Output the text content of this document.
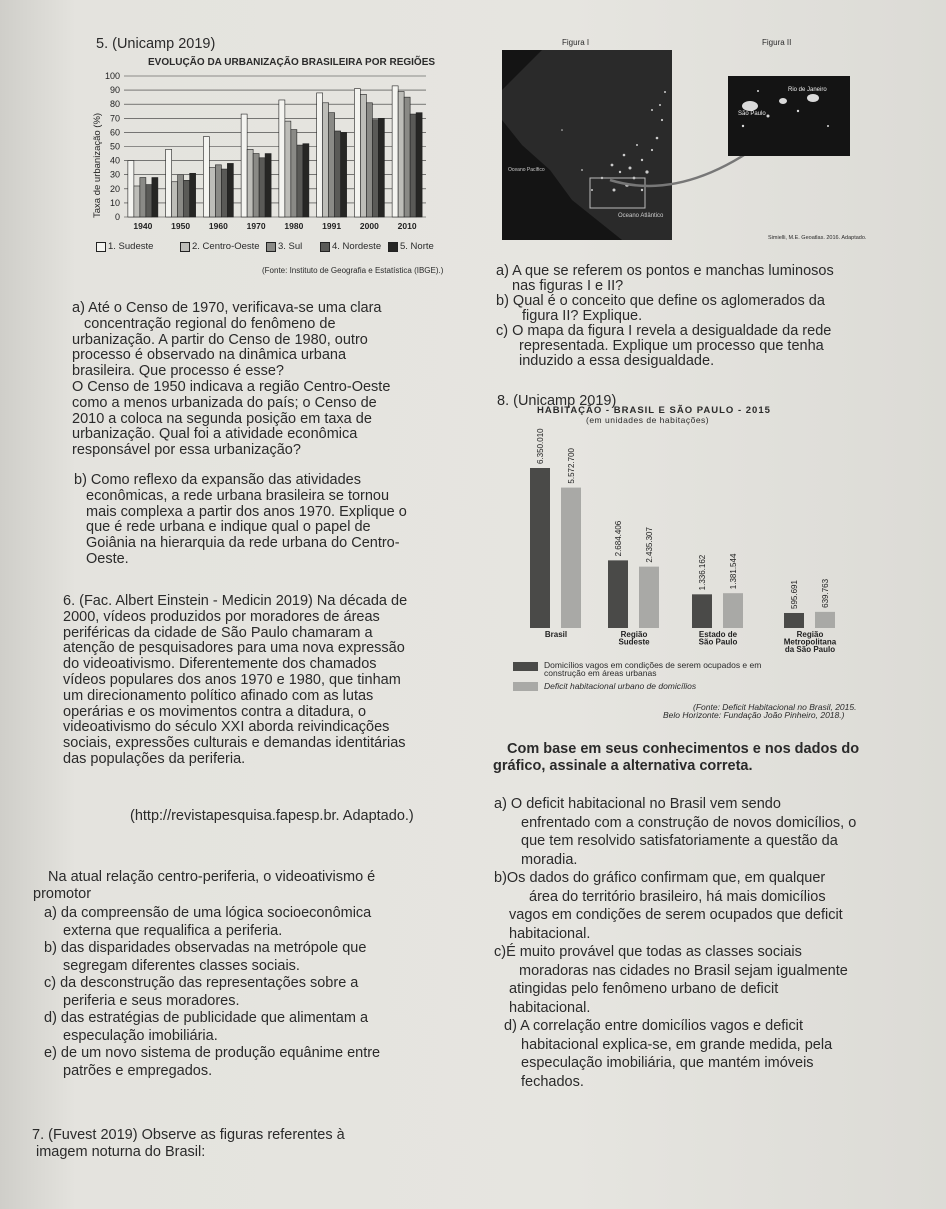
5. (Unicamp 2019)
EVOLUÇÃO DA URBANIZAÇÃO BRASILEIRA POR REGIÕES
1940 1950 1960 1970 1980 1991 2000 2010
100
90
80
70
60
50
40
30
20
10
0
Taxa de urbanização (%)
1. Sudeste	2. Centro-Oeste 3. Sul	4. Nordeste 5. Norte
(Fonte: Instituto de Geografia e Estatística (IBGE).)
a) Até o Censo de 1970, verificava-se uma clara
concentração regional do fenômeno de
urbanização. A partir do Censo de 1980, outro
processo é observado na dinâmica urbana
brasileira. Que processo é esse?
O Censo de 1950 indicava a região Centro-Oeste
como a menos urbanizada do país; o Censo de
2010 a coloca na segunda posição em taxa de
urbanização. Qual foi a atividade econômica
responsável por essa urbanização?
b) Como reflexo da expansão das atividades
econômicas, a rede urbana brasileira se tornou
mais complexa a partir dos anos 1970. Explique o
que é rede urbana e indique qual o papel de
Goiânia na hierarquia da rede urbana do Centro-
Oeste.
6. (Fac. Albert Einstein - Medicin 2019) Na década de
2000, vídeos produzidos por moradores de áreas
periféricas da cidade de São Paulo chamaram a
atenção de pesquisadores para uma nova expressão
do videoativismo. Diferentemente dos chamados
vídeos populares dos anos 1970 e 1980, que tinham
um direcionamento político afinado com as lutas
operárias e os movimentos contra a ditadura, o
videoativismo do século XXI aborda reivindicações
sociais, expressões culturais e demandas identitárias
das populações da periferia.
(http://revistapesquisa.fapesp.br. Adaptado.)
Na atual relação centro-periferia, o videoativismo é
promotor
a) da compreensão de uma lógica socioeconômica
externa que requalifica a periferia.
b) das disparidades observadas na metrópole que
segregam diferentes classes sociais.
c) da desconstrução das representações sobre a
periferia e seus moradores.
d) das estratégias de publicidade que alimentam a
especulação imobiliária.
e) de um novo sistema de produção equânime entre
patrões e empregados.
7. (Fuvest 2019) Observe as figuras referentes à
imagem noturna do Brasil:
Figura I	Figura II
Oceano Pacífico
Oceano Atlântico
Rio de Janeiro
São Paulo
Simielli, M.E. Geoatlas. 2016. Adaptado.
a) A que se referem os pontos e manchas luminosos
nas figuras I e II?
b) Qual é o conceito que define os aglomerados da
figura II? Explique.
c) O mapa da figura I revela a desigualdade da rede
representada. Explique um processo que tenha
induzido a essa desigualdade.
8. (Unicamp 2019)
HABITAÇÃO - BRASIL E SÃO PAULO - 2015
(em unidades de habitações)
6.350.010
5.572.700
2.684.406	2.435.307
1.336.162	1.381.544
595.691	639.763
Brasil	Região
Sudeste
Estado de
São Paulo
Região
Metropolitana
da São Paulo
Domicílios vagos em condições de serem ocupados e em
construção em áreas urbanas
Deficit habitacional urbano de domicílios
(Fonte: Deficit Habitacional no Brasil, 2015.
Belo Horizonte: Fundação João Pinheiro, 2018.)
Com base em seus conhecimentos e nos dados do
gráfico, assinale a alternativa correta.
a) O deficit habitacional no Brasil vem sendo
enfrentado com a construção de novos domicílios, o
que tem resolvido satisfatoriamente a questão da
moradia.
b)Os dados do gráfico confirmam que, em qualquer
área do território brasileiro, há mais domicílios
vagos em condições de serem ocupados que deficit
habitacional.
c)É muito provável que todas as classes sociais
moradoras nas cidades no Brasil sejam igualmente
atingidas pelo fenômeno urbano de deficit
habitacional.
d) A correlação entre domicílios vagos e deficit
habitacional explica-se, em grande medida, pela
especulação imobiliária, que mantém imóveis
fechados.
